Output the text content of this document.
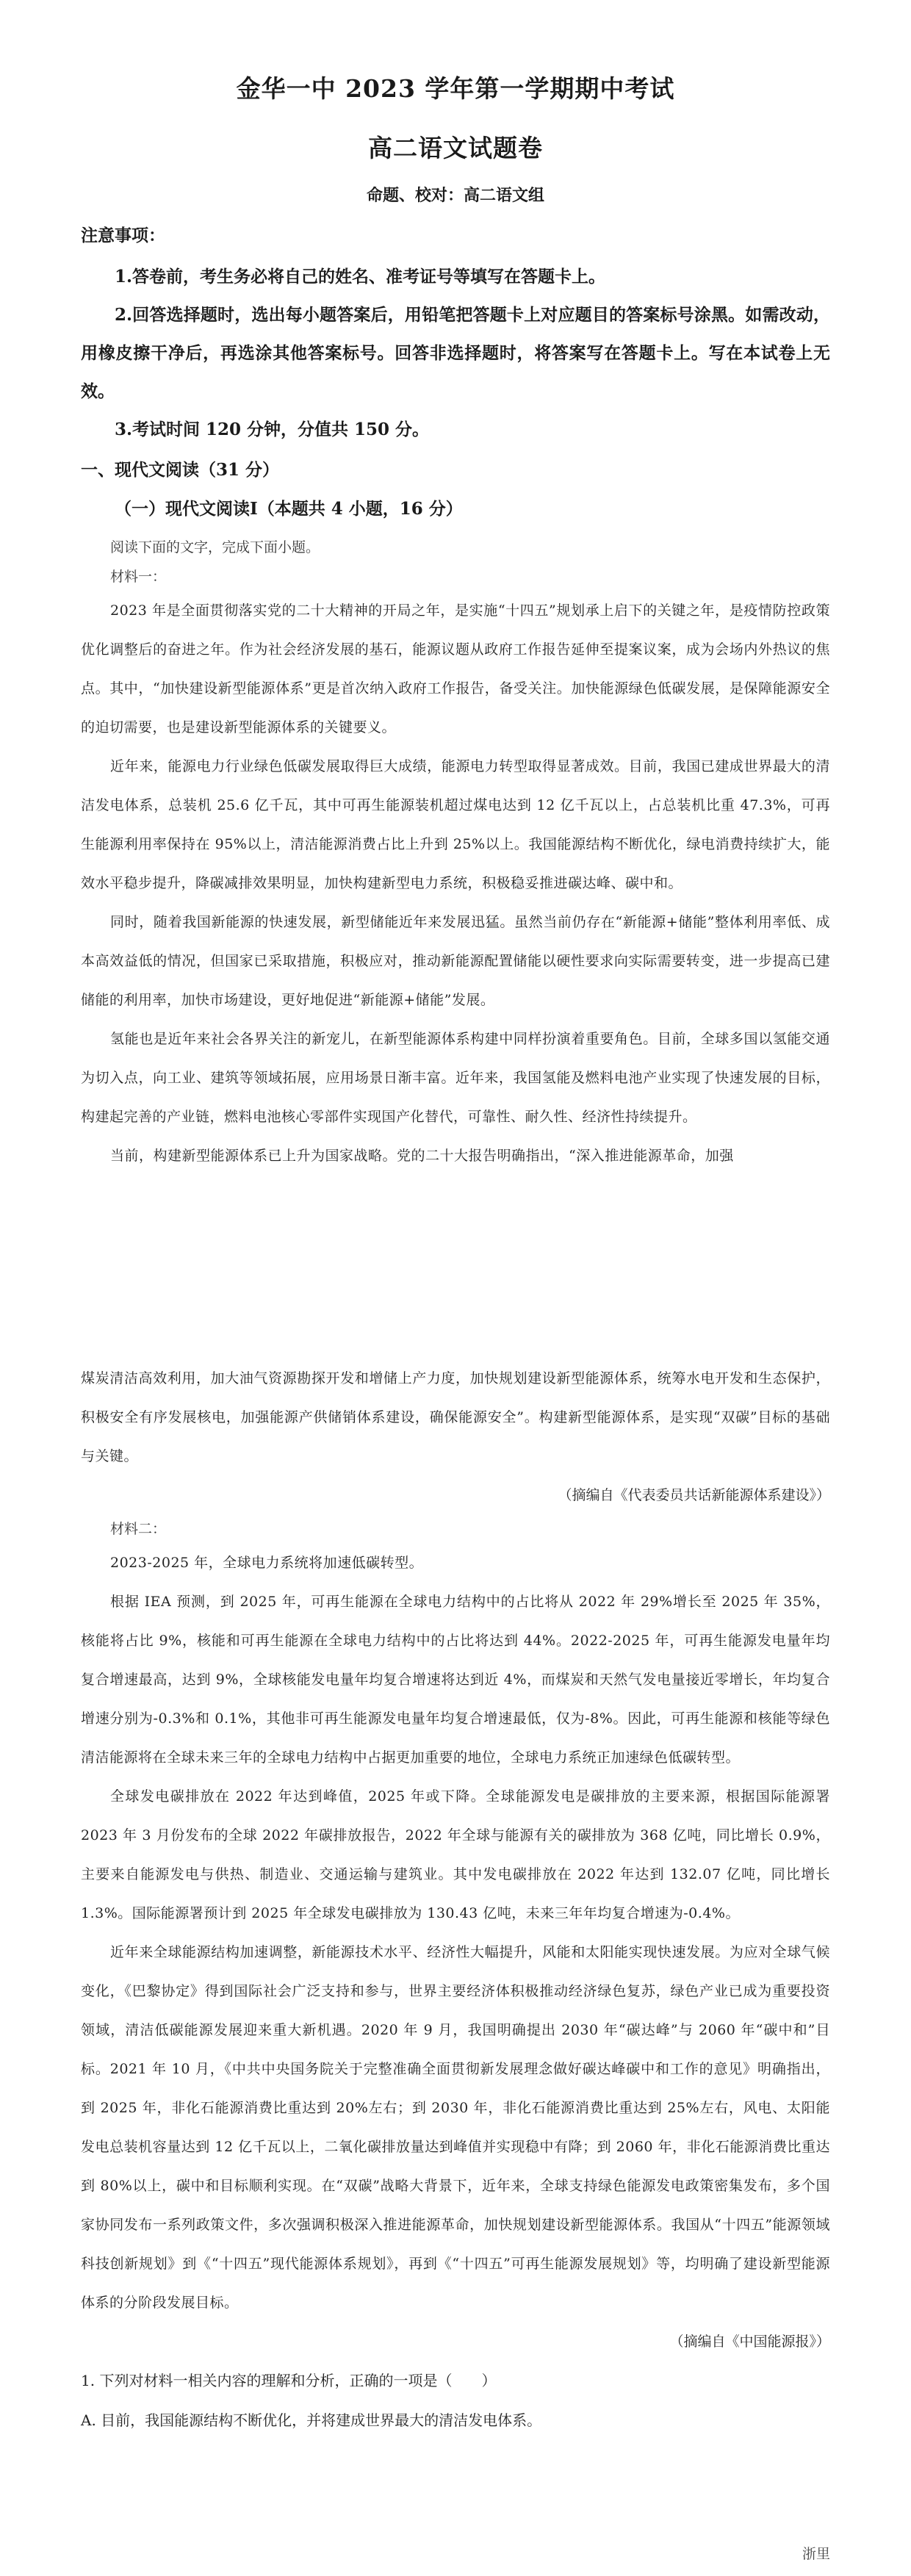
金华一中 2023 学年第一学期期中考试
高二语文试题卷
命题、校对：高二语文组
注意事项：

1.答卷前，考生务必将自己的姓名、准考证号等填写在答题卡上。

2.回答选择题时，选出每小题答案后，用铅笔把答题卡上对应题目的答案标号涂黑。如需改动，用橡皮擦干净后，再选涂其他答案标号。回答非选择题时，将答案写在答题卡上。写在本试卷上无效。

3.考试时间 120 分钟，分值共 150 分。

一、现代文阅读（31 分）
（一）现代文阅读Ⅰ（本题共 4 小题，16 分）

阅读下面的文字，完成下面小题。

材料一：

2023 年是全面贯彻落实党的二十大精神的开局之年，是实施“十四五”规划承上启下的关键之年，是疫情防控政策优化调整后的奋进之年。作为社会经济发展的基石，能源议题从政府工作报告延伸至提案议案，成为会场内外热议的焦点。其中，“加快建设新型能源体系”更是首次纳入政府工作报告，备受关注。加快能源绿色低碳发展，是保障能源安全的迫切需要，也是建设新型能源体系的关键要义。

近年来，能源电力行业绿色低碳发展取得巨大成绩，能源电力转型取得显著成效。目前，我国已建成世界最大的清洁发电体系，总装机 25.6 亿千瓦，其中可再生能源装机超过煤电达到 12 亿千瓦以上，占总装机比重 47.3%，可再生能源利用率保持在 95%以上，清洁能源消费占比上升到 25%以上。我国能源结构不断优化，绿电消费持续扩大，能效水平稳步提升，降碳减排效果明显，加快构建新型电力系统，积极稳妥推进碳达峰、碳中和。

同时，随着我国新能源的快速发展，新型储能近年来发展迅猛。虽然当前仍存在“新能源+储能”整体利用率低、成本高效益低的情况，但国家已采取措施，积极应对，推动新能源配置储能以硬性要求向实际需要转变，进一步提高已建储能的利用率，加快市场建设，更好地促进“新能源+储能”发展。

氢能也是近年来社会各界关注的新宠儿，在新型能源体系构建中同样扮演着重要角色。目前，全球多国以氢能交通为切入点，向工业、建筑等领域拓展，应用场景日渐丰富。近年来，我国氢能及燃料电池产业实现了快速发展的目标，构建起完善的产业链，燃料电池核心零部件实现国产化替代，可靠性、耐久性、经济性持续提升。

当前，构建新型能源体系已上升为国家战略。党的二十大报告明确指出，“深入推进能源革命，加强

煤炭清洁高效利用，加大油气资源勘探开发和增储上产力度，加快规划建设新型能源体系，统筹水电开发和生态保护，积极安全有序发展核电，加强能源产供储销体系建设，确保能源安全”。构建新型能源体系，是实现“双碳”目标的基础与关键。

（摘编自《代表委员共话新能源体系建设》）

材料二：

2023-2025 年，全球电力系统将加速低碳转型。

根据 IEA 预测，到 2025 年，可再生能源在全球电力结构中的占比将从 2022 年 29%增长至 2025 年 35%，核能将占比 9%，核能和可再生能源在全球电力结构中的占比将达到 44%。2022-2025 年，可再生能源发电量年均复合增速最高，达到 9%，全球核能发电量年均复合增速将达到近 4%，而煤炭和天然气发电量接近零增长，年均复合增速分别为-0.3%和 0.1%，其他非可再生能源发电量年均复合增速最低，仅为-8%。因此，可再生能源和核能等绿色清洁能源将在全球未来三年的全球电力结构中占据更加重要的地位，全球电力系统正加速绿色低碳转型。

全球发电碳排放在 2022 年达到峰值，2025 年或下降。全球能源发电是碳排放的主要来源，根据国际能源署 2023 年 3 月份发布的全球 2022 年碳排放报告，2022 年全球与能源有关的碳排放为 368 亿吨，同比增长 0.9%，主要来自能源发电与供热、制造业、交通运输与建筑业。其中发电碳排放在 2022 年达到 132.07 亿吨，同比增长 1.3%。国际能源署预计到 2025 年全球发电碳排放为 130.43 亿吨，未来三年年均复合增速为-0.4%。

近年来全球能源结构加速调整，新能源技术水平、经济性大幅提升，风能和太阳能实现快速发展。为应对全球气候变化，《巴黎协定》得到国际社会广泛支持和参与，世界主要经济体积极推动经济绿色复苏，绿色产业已成为重要投资领域，清洁低碳能源发展迎来重大新机遇。2020 年 9 月，我国明确提出 2030 年“碳达峰”与 2060 年“碳中和”目标。2021 年 10 月，《中共中央国务院关于完整准确全面贯彻新发展理念做好碳达峰碳中和工作的意见》明确指出，到 2025 年，非化石能源消费比重达到 20%左右；到 2030 年，非化石能源消费比重达到 25%左右，风电、太阳能发电总装机容量达到 12 亿千瓦以上，二氧化碳排放量达到峰值并实现稳中有降；到 2060 年，非化石能源消费比重达到 80%以上，碳中和目标顺利实现。在“双碳”战略大背景下，近年来，全球支持绿色能源发电政策密集发布，多个国家协同发布一系列政策文件，多次强调积极深入推进能源革命，加快规划建设新型能源体系。我国从“十四五”能源领域科技创新规划》到《“十四五”现代能源体系规划》，再到《“十四五”可再生能源发展规划》等，均明确了建设新型能源体系的分阶段发展目标。

（摘编自《中国能源报》）

1. 下列对材料一相关内容的理解和分析，正确的一项是（　　）

A. 目前，我国能源结构不断优化，并将建成世界最大的清洁发电体系。

浙里
